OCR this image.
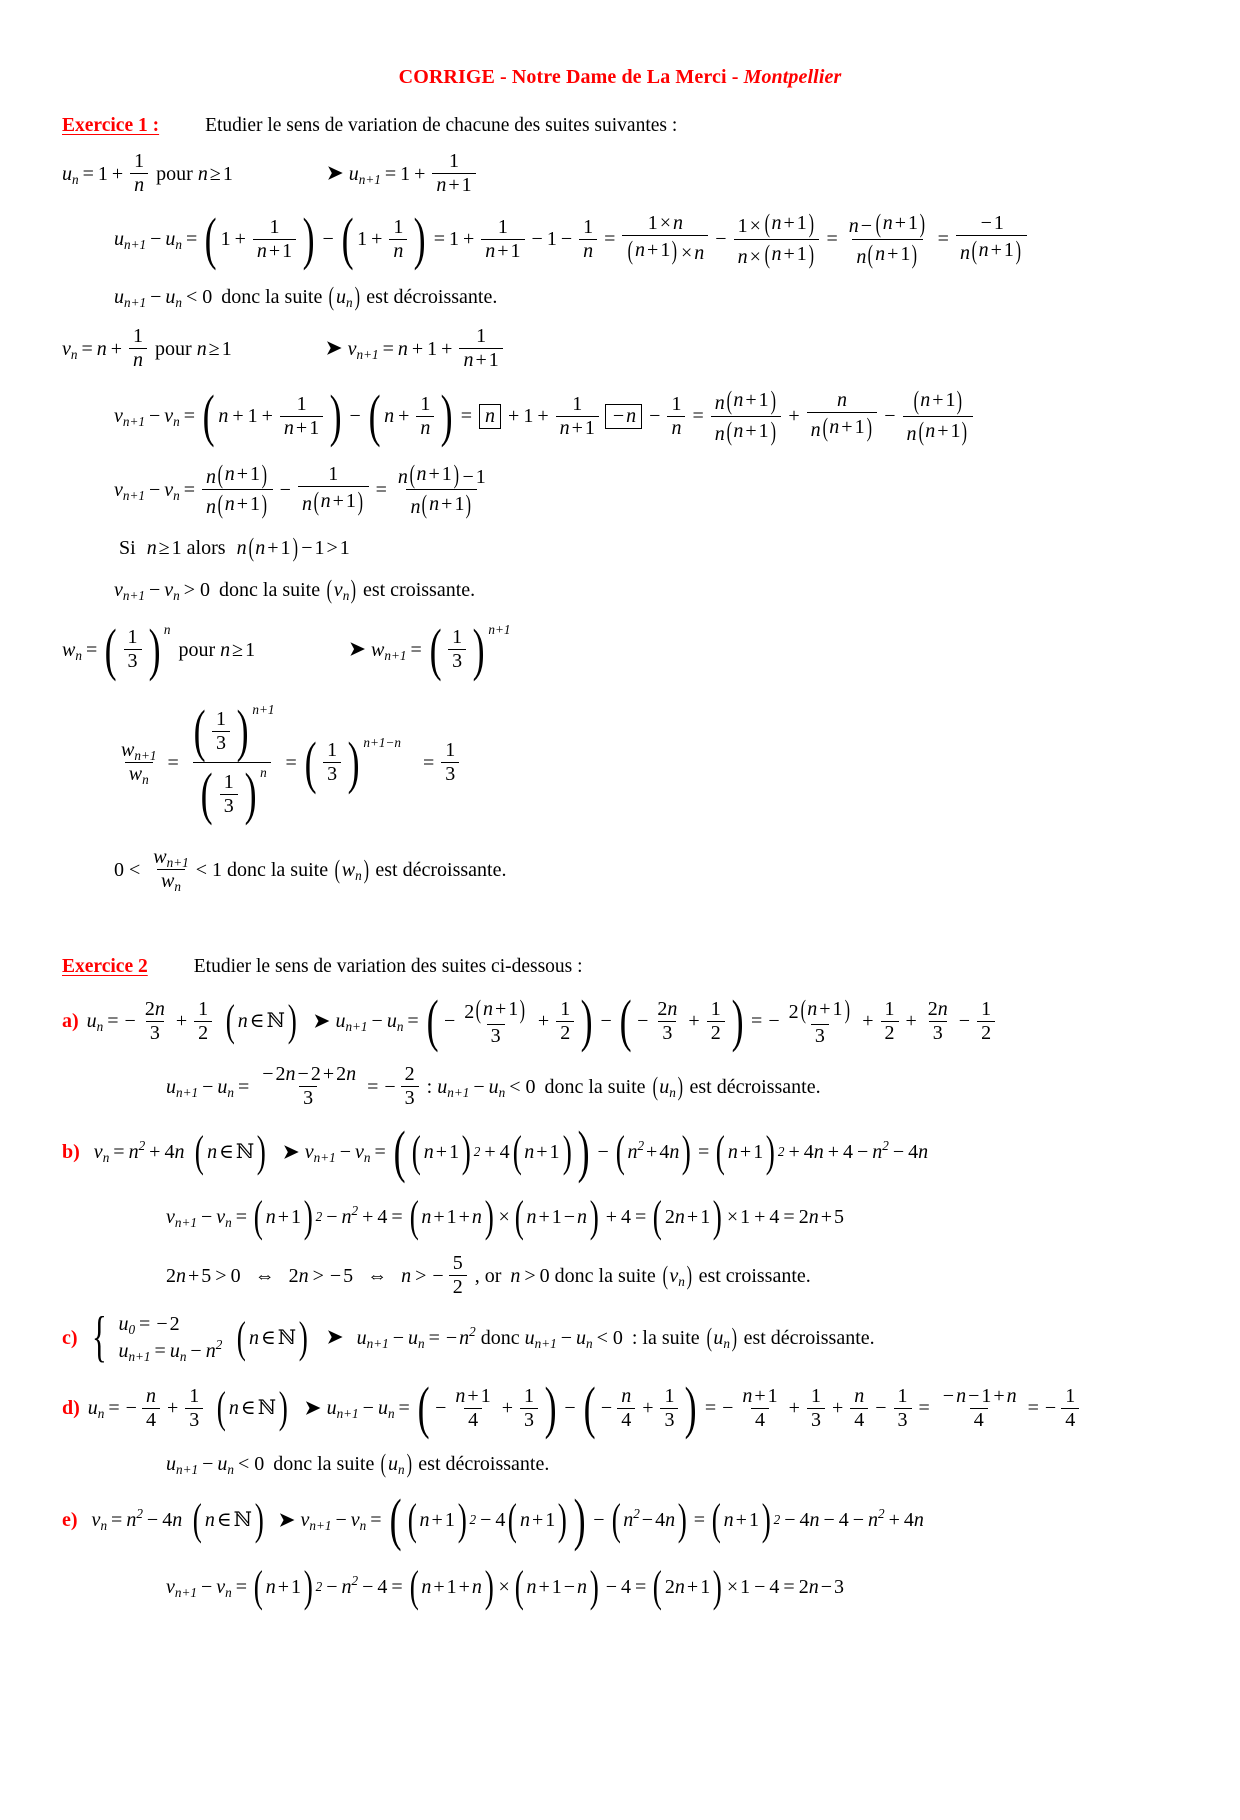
CORRIGE - Notre Dame de La Merci - Montpellier
Exercice 1 : Etudier le sens de variation de chacune des suites suivantes :
$u_n = 1 + \frac{1}{n}$ pour n ≥ 1	➤ $u_{n+1} = 1 + \frac{1}{n + 1}$
$u_{n+1} - u_n$ = ( $1 + \frac{1}{n + 1}$ ) − ( $1 + \frac{1}{n}$ ) = $1 + \frac{1}{n + 1} - 1 - \frac{1}{n} = \frac{1 \times n}{( n + 1 ) \times n} - \frac{1 \times ( n + 1 )}{n \times ( n + 1 )} = \frac{n - ( n + 1 )}{n ( n + 1 )} = \frac{- 1}{n ( n + 1 )}$
$u_{n+1} - u_n < 0$ donc la suite ( $u_n$ ) est décroissante.
$v_n = n + \frac{1}{n}$ pour n ≥ 1	➤ $v_{n+1} = n + 1 + \frac{1}{n + 1}$
$v_{n+1} - v_n$ = ( $n + 1 + \frac{1}{n + 1}$ ) − ( $n + \frac{1}{n}$ ) = $n + 1 + \frac{1}{n + 1} - n - \frac{1}{n} = \frac{n ( n + 1 )}{n ( n + 1 )} + \frac{n}{n ( n + 1 )} - \frac{( n + 1 )}{n ( n + 1 )}$
$v_{n+1} - v_n = \frac{n ( n + 1 )}{n ( n + 1 )} - \frac{1}{n ( n + 1 )} = \frac{n ( n + 1 ) - 1}{n ( n + 1 )}$
Si n ≥ 1 alors n ( n + 1 ) − 1 > 1
$v_{n+1} - v_n > 0$ donc la suite ( $v_n$ ) est croissante.
$w_n$ = ( $\frac{1}{3}$ ) n
pour n ≥ 1	➤ $w_{n+1}$ = ( $\frac{1}{3}$ ) n+1
$\frac{w_{n+1}}{w_n} = \frac{( \frac{1}{3} ) n+1}{( \frac{1}{3} ) n}$ = ( $\frac{1}{3}$ ) n+1−n
= $\frac{1}{3}$
$0 < \frac{w_{n+1}}{w_n} < 1$ donc la suite ( $w_n$ ) est décroissante.
Exercice 2 Etudier le sens de variation des suites ci-dessous :
a) $u_n$ = − $\frac{2n}{3} + \frac{1}{2}$ ( n ∈ ℕ ) ➤ $u_{n+1} - u_n$ = ( − $\frac{2 ( n + 1 )}{3} + \frac{1}{2}$ ) − ( − $\frac{2n}{3} + \frac{1}{2}$ ) = − $\frac{2 ( n + 1 )}{3} + \frac{1}{2} + \frac{2n}{3} - \frac{1}{2}$
$u_{n+1} - u_n = \frac{- 2n - 2 + 2n}{3}$ = − $\frac{2}{3}$ : $u_{n+1} - u_n < 0$ donc la suite ( $u_n$ ) est décroissante.
b) $v_n = n^2 + 4$ n ( n ∈ ℕ ) ➤ $v_{n+1} - v_n$ = ( ( n + 1 ) 2 + 4 ( n + 1 ) ) − ( $n^2 + 4$ n ) = ( n + 1 ) 2 + 4 $n + 4 - n^2 - 4$ n
$v_{n+1} - v_n$ = ( n + 1 ) $2 - n^2 + 4$ = ( n + 1 + n ) × ( n + 1 − n ) + 4 = ( 2 n + 1 ) × 1 + 4 = 2 n + 5
2 n + 5 > 0 ⇔ 2 n > − 5 ⇔ n > − $\frac{5}{2}$ , or n > 0 donc la suite ( $v_n$ ) est croissante.
c) { $u_0$ = − 2
$u_{n+1} = u_n - n^2$ ( n ∈ ℕ ) ➤ $u_{n+1} - u_n$ = − $n^2$ donc $u_{n+1} - u_n < 0$ : la suite ( $u_n$ ) est décroissante.
d) $u_n$ = − $\frac{n}{4} + \frac{1}{3}$ ( n ∈ ℕ ) ➤ $u_{n+1} - u_n$ = ( − $\frac{n + 1}{4} + \frac{1}{3}$ ) − ( − $\frac{n}{4} + \frac{1}{3}$ ) = − $\frac{n + 1}{4} + \frac{1}{3} + \frac{n}{4} - \frac{1}{3} = \frac{- n - 1 + n}{4}$ = − $\frac{1}{4}$
$u_{n+1} - u_n < 0$ donc la suite ( $u_n$ ) est décroissante.
e) $v_n = n^2 - 4$ n ( n ∈ ℕ ) ➤ $v_{n+1} - v_n$ = ( ( n + 1 ) 2 − 4 ( n + 1 ) ) − ( $n^2 - 4$ n ) = ( n + 1 ) 2 − 4 $n - 4 - n^2 + 4$ n
$v_{n+1} - v_n$ = ( n + 1 ) $2 - n^2 - 4$ = ( n + 1 + n ) × ( n + 1 − n ) − 4 = ( 2 n + 1 ) × 1 − 4 = 2 n − 3
